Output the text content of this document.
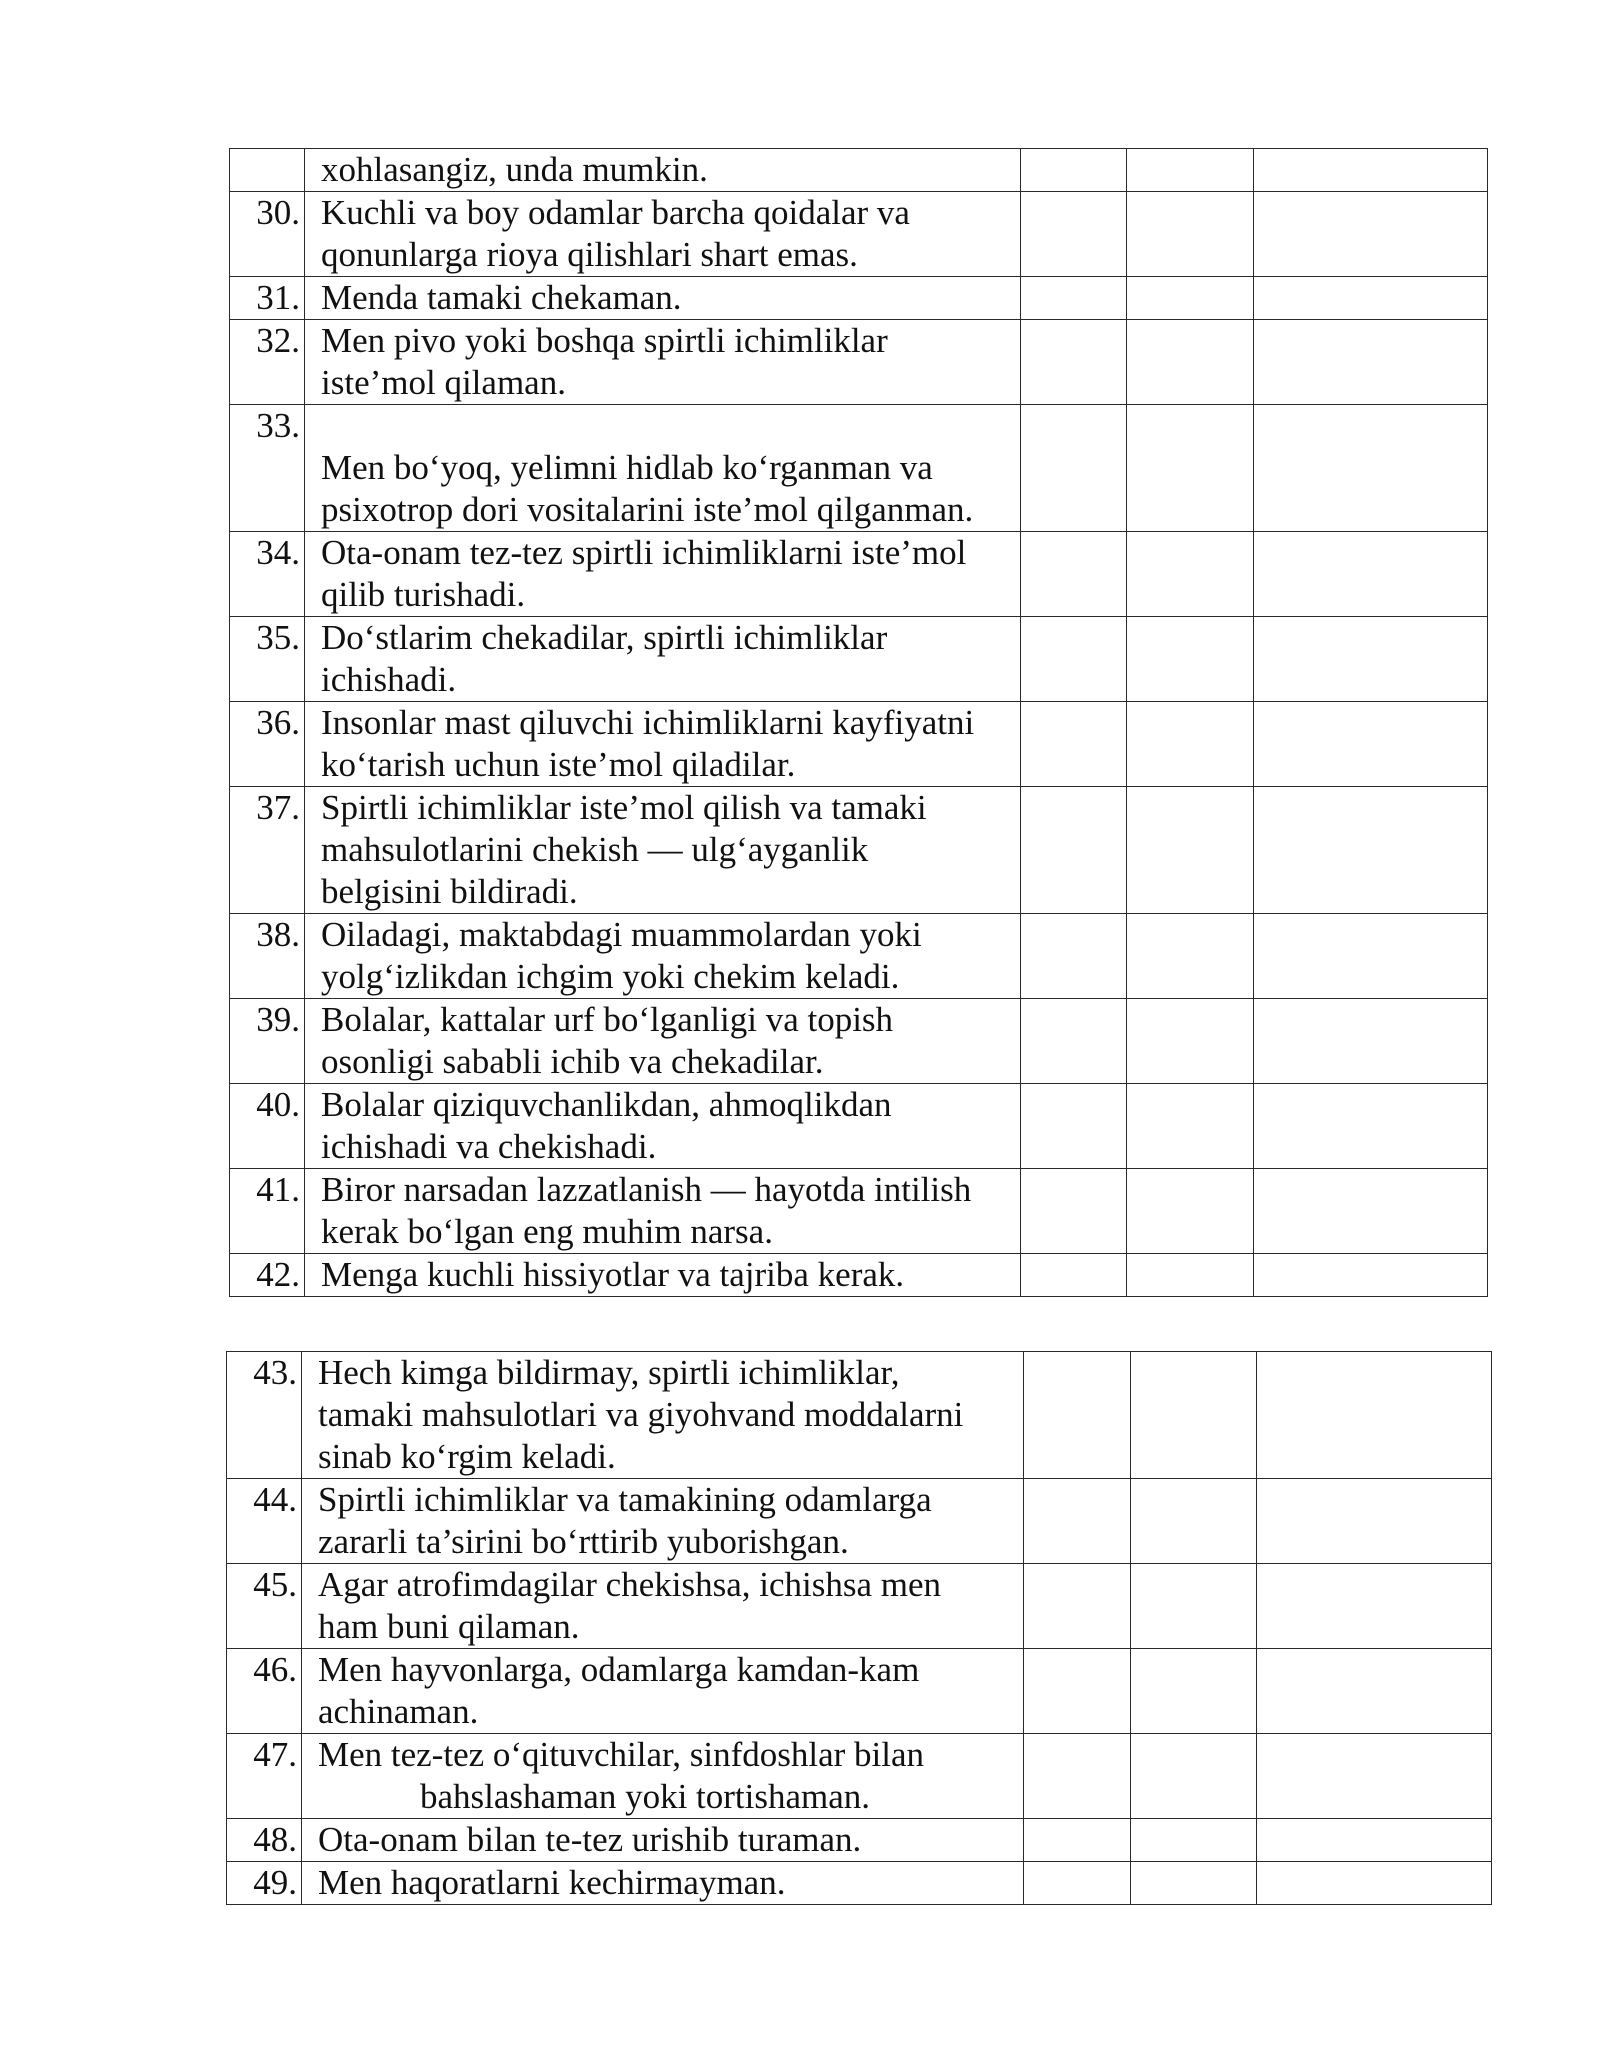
	xohlasangiz, unda mumkin.			

30.	Kuchli va boy odamlar barcha qoidalar va
qonunlarga rioya qilishlari shart emas.			

31.	Menda tamaki chekaman.			

32.	Men pivo yoki boshqa spirtli ichimliklar
iste’mol qilaman.			

33.	Men bo‘yoq, yelimni hidlab ko‘rganman va
psixotrop dori vositalarini iste’mol qilganman.			

34.	Ota-onam tez-tez spirtli ichimliklarni iste’mol
qilib turishadi.			

35.	Do‘stlarim chekadilar, spirtli ichimliklar
ichishadi.			

36.	Insonlar mast qiluvchi ichimliklarni kayfiyatni
ko‘tarish uchun iste’mol qiladilar.			

37.	Spirtli ichimliklar iste’mol qilish va tamaki
mahsulotlarini chekish — ulg‘ayganlik
belgisini bildiradi.			

38.	Oiladagi, maktabdagi muammolardan yoki
yolg‘izlikdan ichgim yoki chekim keladi.			

39.	Bolalar, kattalar urf bo‘lganligi va topish
osonligi sababli ichib va chekadilar.			

40.	Bolalar qiziquvchanlikdan, ahmoqlikdan
ichishadi va chekishadi.			

41.	Biror narsadan lazzatlanish — hayotda intilish
kerak bo‘lgan eng muhim narsa.			

42.	Menga kuchli hissiyotlar va tajriba kerak.			

43.	Hech kimga bildirmay, spirtli ichimliklar,
tamaki mahsulotlari va giyohvand moddalarni
sinab ko‘rgim keladi.			

44.	Spirtli ichimliklar va tamakining odamlarga
zararli ta’sirini bo‘rttirib yuborishgan.			

45.	Agar atrofimdagilar chekishsa, ichishsa men
ham buni qilaman.			

46.	Men hayvonlarga, odamlarga kamdan-kam
achinaman.			

47.	Men tez-tez o‘qituvchilar, sinfdoshlar bilan
bahslashaman yoki tortishaman.			

48.	Ota-onam bilan te-tez urishib turaman.			

49.	Men haqoratlarni kechirmayman.			
